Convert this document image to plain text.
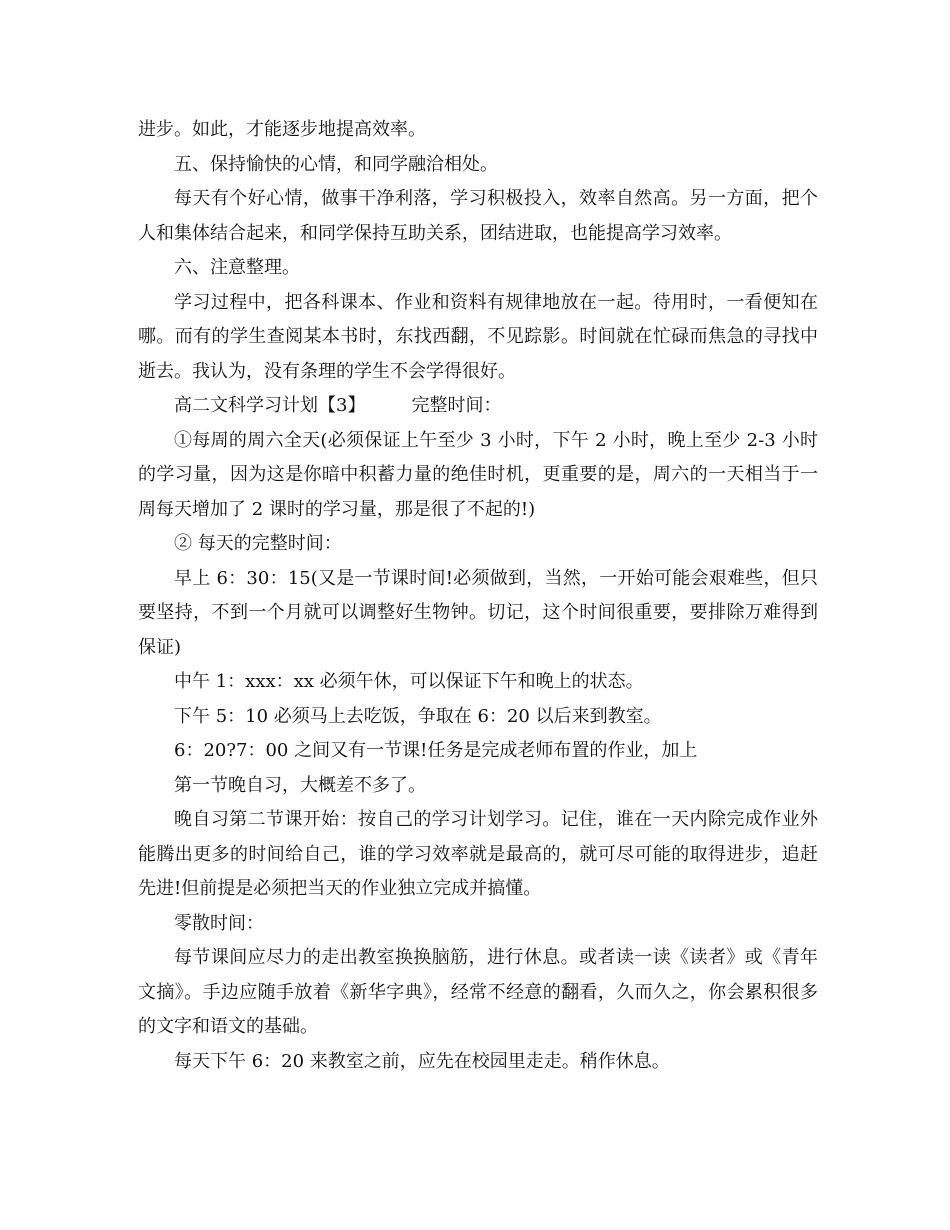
进步。如此，才能逐步地提高效率。

五、保持愉快的心情，和同学融洽相处。

每天有个好心情，做事干净利落，学习积极投入，效率自然高。另一方面，把个人和集体结合起来，和同学保持互助关系，团结进取，也能提高学习效率。

六、注意整理。

学习过程中，把各科课本、作业和资料有规律地放在一起。待用时，一看便知在哪。而有的学生查阅某本书时，东找西翻，不见踪影。时间就在忙碌而焦急的寻找中逝去。我认为，没有条理的学生不会学得很好。

高二文科学习计划【3】	完整时间：

①每周的周六全天(必须保证上午至少 3 小时，下午 2 小时，晚上至少 2-3 小时的学习量，因为这是你暗中积蓄力量的绝佳时机，更重要的是，周六的一天相当于一周每天增加了 2 课时的学习量，那是很了不起的!)

② 每天的完整时间：

早上 6：30：15(又是一节课时间!必须做到，当然，一开始可能会艰难些，但只要坚持，不到一个月就可以调整好生物钟。切记，这个时间很重要，要排除万难得到保证)

中午 1：xxx：xx 必须午休，可以保证下午和晚上的状态。

下午 5：10 必须马上去吃饭，争取在 6：20 以后来到教室。

6：20?7：00 之间又有一节课!任务是完成老师布置的作业，加上

第一节晚自习，大概差不多了。

晚自习第二节课开始：按自己的学习计划学习。记住，谁在一天内除完成作业外能腾出更多的时间给自己，谁的学习效率就是最高的，就可尽可能的取得进步，追赶先进!但前提是必须把当天的作业独立完成并搞懂。

零散时间：

每节课间应尽力的走出教室换换脑筋，进行休息。或者读一读《读者》或《青年文摘》。手边应随手放着《新华字典》，经常不经意的翻看，久而久之，你会累积很多的文字和语文的基础。

每天下午 6：20 来教室之前，应先在校园里走走。稍作休息。
